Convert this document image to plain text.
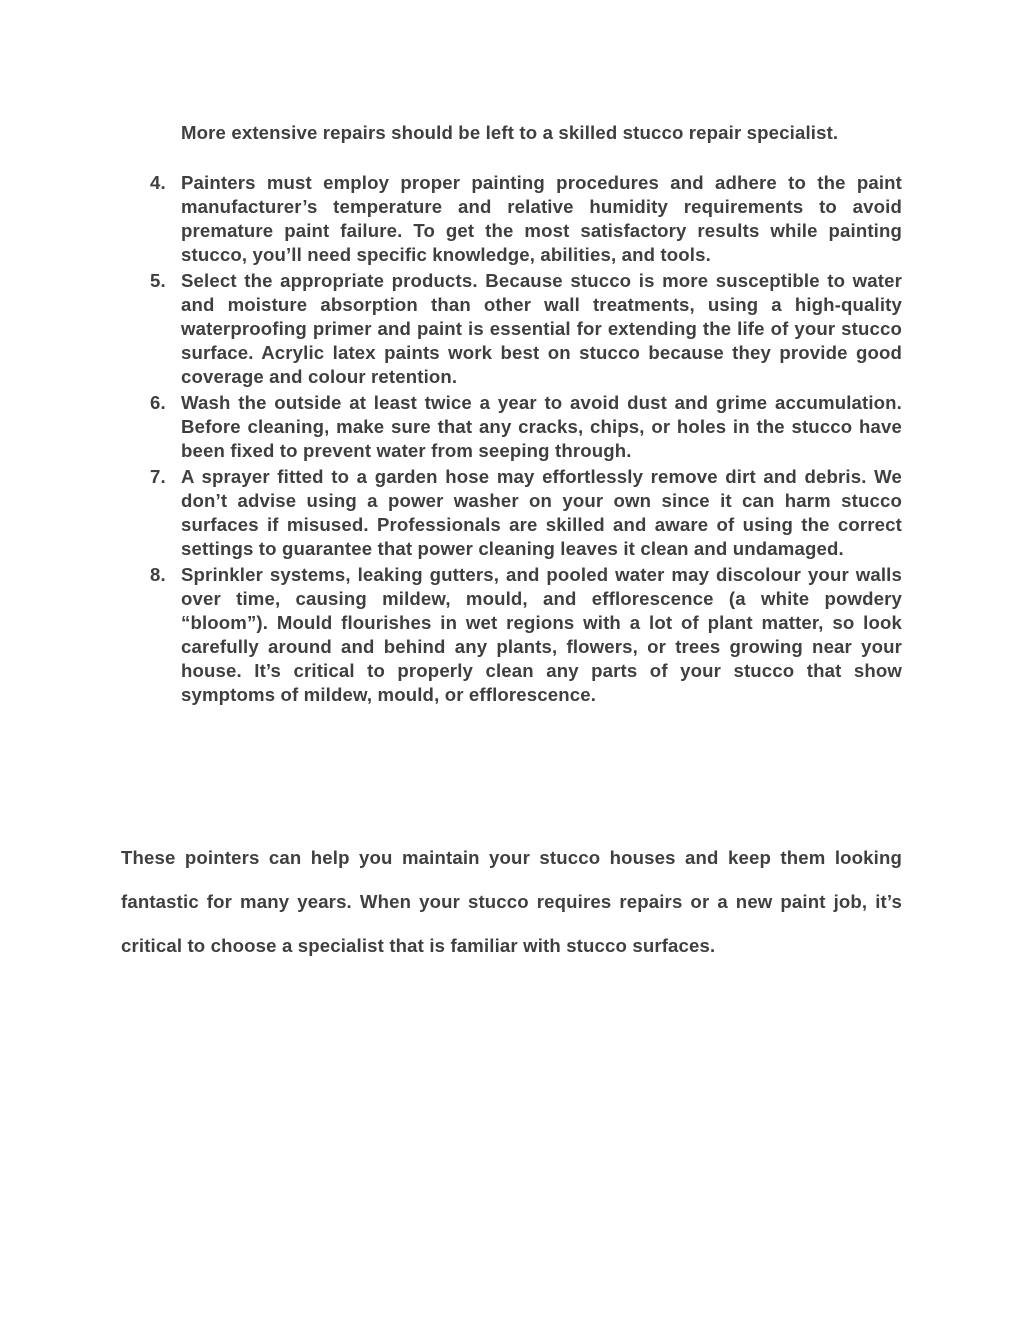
More extensive repairs should be left to a skilled stucco repair specialist.

4. Painters must employ proper painting procedures and adhere to the paint manufacturer’s temperature and relative humidity requirements to avoid premature paint failure. To get the most satisfactory results while painting stucco, you’ll need specific knowledge, abilities, and tools.
5. Select the appropriate products. Because stucco is more susceptible to water and moisture absorption than other wall treatments, using a high-quality waterproofing primer and paint is essential for extending the life of your stucco surface. Acrylic latex paints work best on stucco because they provide good coverage and colour retention.
6. Wash the outside at least twice a year to avoid dust and grime accumulation. Before cleaning, make sure that any cracks, chips, or holes in the stucco have been fixed to prevent water from seeping through.
7. A sprayer fitted to a garden hose may effortlessly remove dirt and debris. We don’t advise using a power washer on your own since it can harm stucco surfaces if misused. Professionals are skilled and aware of using the correct settings to guarantee that power cleaning leaves it clean and undamaged.
8. Sprinkler systems, leaking gutters, and pooled water may discolour your walls over time, causing mildew, mould, and efflorescence (a white powdery “bloom”). Mould flourishes in wet regions with a lot of plant matter, so look carefully around and behind any plants, flowers, or trees growing near your house. It’s critical to properly clean any parts of your stucco that show symptoms of mildew, mould, or efflorescence.

These pointers can help you maintain your stucco houses and keep them looking fantastic for many years. When your stucco requires repairs or a new paint job, it’s critical to choose a specialist that is familiar with stucco surfaces.
